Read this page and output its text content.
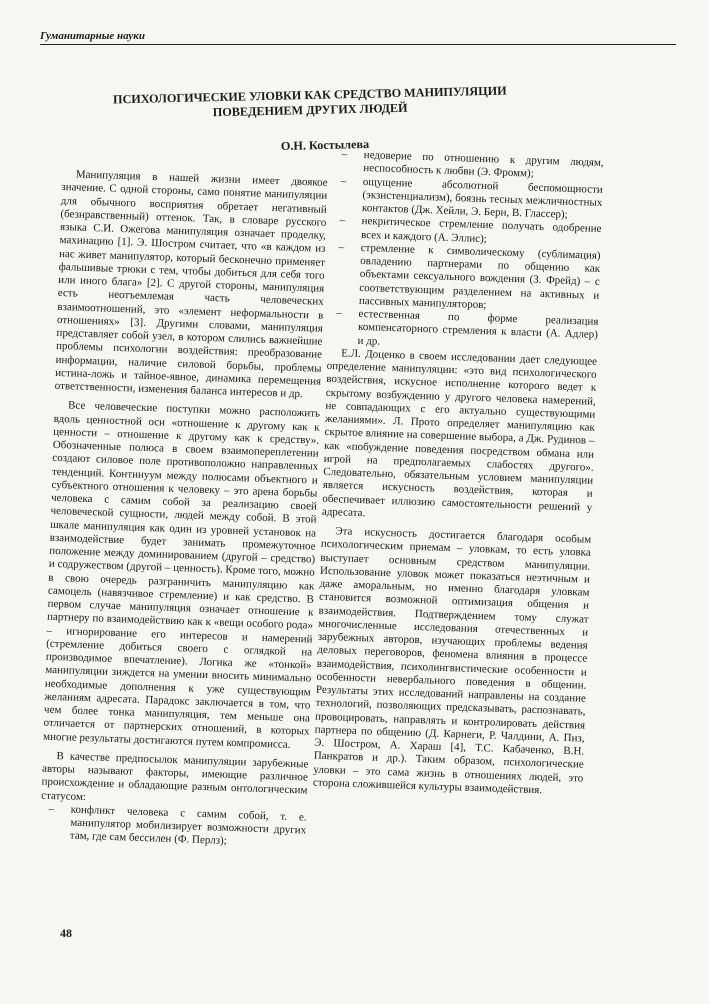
Гуманитарные науки
ПСИХОЛОГИЧЕСКИЕ УЛОВКИ КАК СРЕДСТВО МАНИПУЛЯЦИИ ПОВЕДЕНИЕМ ДРУГИХ ЛЮДЕЙ
О.Н. Костылева

Манипуляция в нашей жизни имеет двоякое значение. С одной стороны, само понятие манипуляции для обычного восприятия обретает негативный (безнравственный) оттенок. Так, в словаре русского языка С.И. Ожегова манипуляция означает проделку, махинацию [1]. Э. Шостром считает, что «в каждом из нас живет манипулятор, который бесконечно применяет фальшивые трюки с тем, чтобы добиться для себя того или иного блага» [2]. С другой стороны, манипуляция есть неотъемлемая часть человеческих взаимоотношений, это «элемент неформальности в отношениях» [3]. Другими словами, манипуляция представляет собой узел, в котором слились важнейшие проблемы психологии воздействия: преобразование информации, наличие силовой борьбы, проблемы истина-ложь и тайное-явное, динамика перемещения ответственности, изменения баланса интересов и др.

Все человеческие поступки можно расположить вдоль ценностной оси «отношение к другому как к ценности – отношение к другому как к средству». Обозначенные полюса в своем взаимопереплетении создают силовое поле противоположно направленных тенденций. Континуум между полюсами объектного и субъектного отношения к человеку – это арена борьбы человека с самим собой за реализацию своей человеческой сущности, людей между собой. В этой шкале манипуляция как один из уровней установок на взаимодействие будет занимать промежуточное положение между доминированием (другой – средство) и содружеством (другой – ценность). Кроме того, можно в свою очередь разграничить манипуляцию как самоцель (навязчивое стремление) и как средство. В первом случае манипуляция означает отношение к партнеру по взаимодействию как к «вещи особого рода» – игнорирование его интересов и намерений (стремление добиться своего с оглядкой на производимое впечатление). Логика же «тонкой» манипуляции зиждется на умении вносить минимально необходимые дополнения к уже существующим желаниям адресата. Парадокс заключается в том, что чем более тонка манипуляция, тем меньше она отличается от партнерских отношений, в которых многие результаты достигаются путем компромисса.

В качестве предпосылок манипуляции зарубежные авторы называют факторы, имеющие различное происхождение и обладающие разным онтологическим статусом:

– конфликт человека с самим собой, т. е. манипулятор мобилизирует возможности других там, где сам бессилен (Ф. Перлз);
– недоверие по отношению к другим людям, неспособность к любви (Э. Фромм);
– ощущение абсолютной беспомощности (экзистенциализм), боязнь тесных межличностных контактов (Дж. Хейли, Э. Берн, В. Глассер);
– некритическое стремление получать одобрение всех и каждого (А. Эллис);
– стремление к символическому (сублимация) овладению партнерами по общению как объектами сексуального вождения (З. Фрейд) – с соответствующим разделением на активных и пассивных манипуляторов;
– естественная по форме реализация компенсаторного стремления к власти (А. Адлер) и др.

Е.Л. Доценко в своем исследовании дает следующее определение манипуляции: «это вид психологического воздействия, искусное исполнение которого ведет к скрытому возбуждению у другого человека намерений, не совпадающих с его актуально существующими желаниями». Л. Прото определяет манипуляцию как скрытое влияние на совершение выбора, а Дж. Рудинов – как «побуждение поведения посредством обмана или игрой на предполагаемых слабостях другого». Следовательно, обязательным условием манипуляции является искусность воздействия, которая и обеспечивает иллюзию самостоятельности решений у адресата.

Эта искусность достигается благодаря особым психологическим приемам – уловкам, то есть уловка выступает основным средством манипуляции. Использование уловок может показаться неэтичным и даже аморальным, но именно благодаря уловкам становится возможной оптимизация общения и взаимодействия. Подтверждением тому служат многочисленные исследования отечественных и зарубежных авторов, изучающих проблемы ведения деловых переговоров, феномена влияния в процессе взаимодействия, психолингвистические особенности и особенности невербального поведения в общении. Результаты этих исследований направлены на создание технологий, позволяющих предсказывать, распознавать, провоцировать, направлять и контролировать действия партнера по общению (Д. Карнеги, Р. Чалдини, А. Пиз, Э. Шостром, А. Хараш [4], Т.С. Кабаченко, В.Н. Панкратов и др.). Таким образом, психологические уловки – это сама жизнь в отношениях людей, это сторона сложившейся культуры взаимодействия.

48
